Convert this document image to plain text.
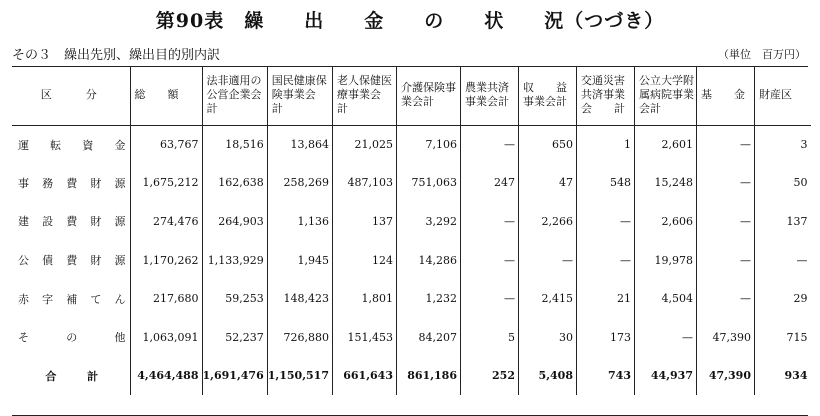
第90表　繰　　出　　金　　の　　状　　況（つづき）
その３　繰出先別、繰出目的別内訳	（単位　百万円）
区　　分	総　　額	法非適用の公営企業会計	国民健康保険事業会　　計	老人保健医療事業会　　計	介護保険事業会計	農業共済事業会計	収　　益事業会計	交通災害共済事業会　　計	公立大学附属病院事業会計	基　　金	財産区

運 転 資 金	63,767	18,516	13,864	21,025	7,106	—	650	1	2,601	—	3

事 務 費 財 源	1,675,212	162,638	258,269	487,103	751,063	247	47	548	15,248	—	50

建 設 費 財 源	274,476	264,903	1,136	137	3,292	—	2,266	—	2,606	—	137

公 債 費 財 源	1,170,262	1,133,929	1,945	124	14,286	—	—	—	19,978	—	—

赤 字 補 て ん	217,680	59,253	148,423	1,801	1,232	—	2,415	21	4,504	—	29

そ の 他	1,063,091	52,237	726,880	151,453	84,207	5	30	173	—	47,390	715

合 計	4,464,488	1,691,476	1,150,517	661,643	861,186	252	5,408	743	44,937	47,390	934
